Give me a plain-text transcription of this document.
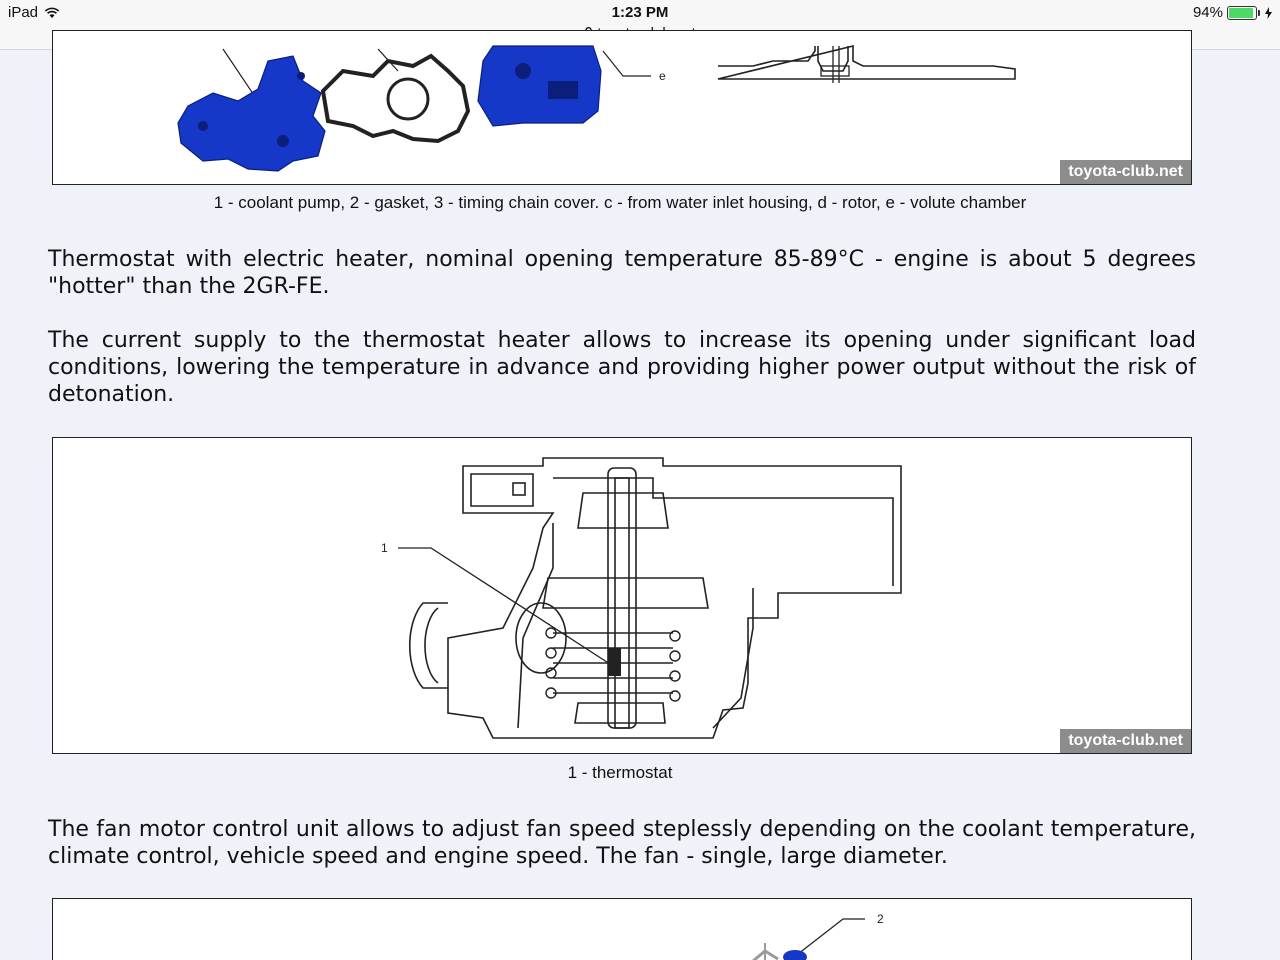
iPad	1:23 PM	94%
e
toyota-club.net
1 - coolant pump, 2 - gasket, 3 - timing chain cover. c - from water inlet housing, d - rotor, e - volute chamber

Thermostat with electric heater, nominal opening temperature 85-89°C - engine is about 5 degrees "hotter" than the 2GR-FE.

The current supply to the thermostat heater allows to increase its opening under significant load conditions, lowering the temperature in advance and providing higher power output without the risk of detonation.

1
toyota-club.net
1 - thermostat

The fan motor control unit allows to adjust fan speed steplessly depending on the coolant temperature, climate control, vehicle speed and engine speed. The fan - single, large diameter.

2
